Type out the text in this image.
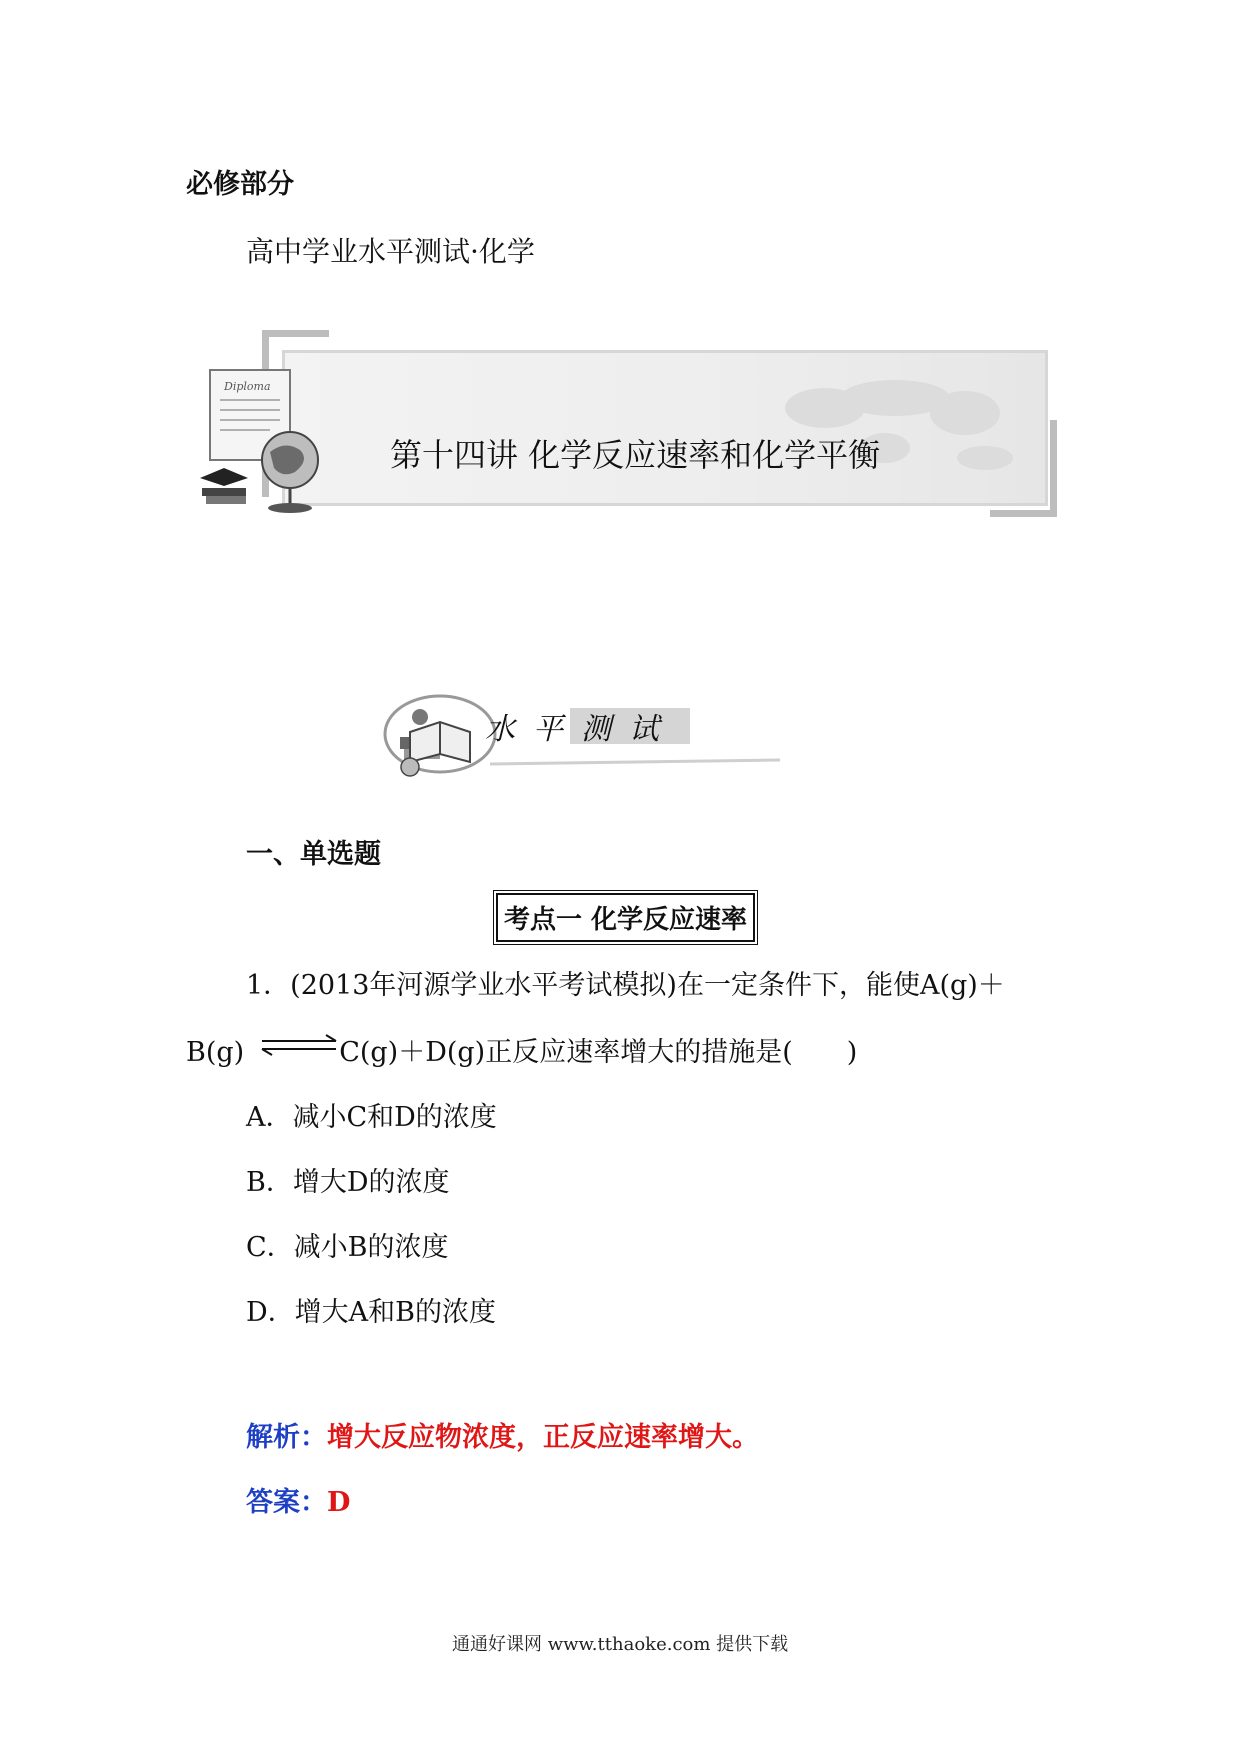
必修部分
高中学业水平测试·化学
Diploma
第十四讲 化学反应速率和化学平衡
水平测试
一、单选题
考点一 化学反应速率
1．(2013年河源学业水平考试模拟)在一定条件下，能使A(g)＋
B(g)	C(g)＋D(g)正反应速率增大的措施是(　　)
A．减小C和D的浓度
B．增大D的浓度
C．减小B的浓度
D．增大A和B的浓度
解析：增大反应物浓度，正反应速率增大。
答案：D
通通好课网 www.tthaoke.com 提供下载
